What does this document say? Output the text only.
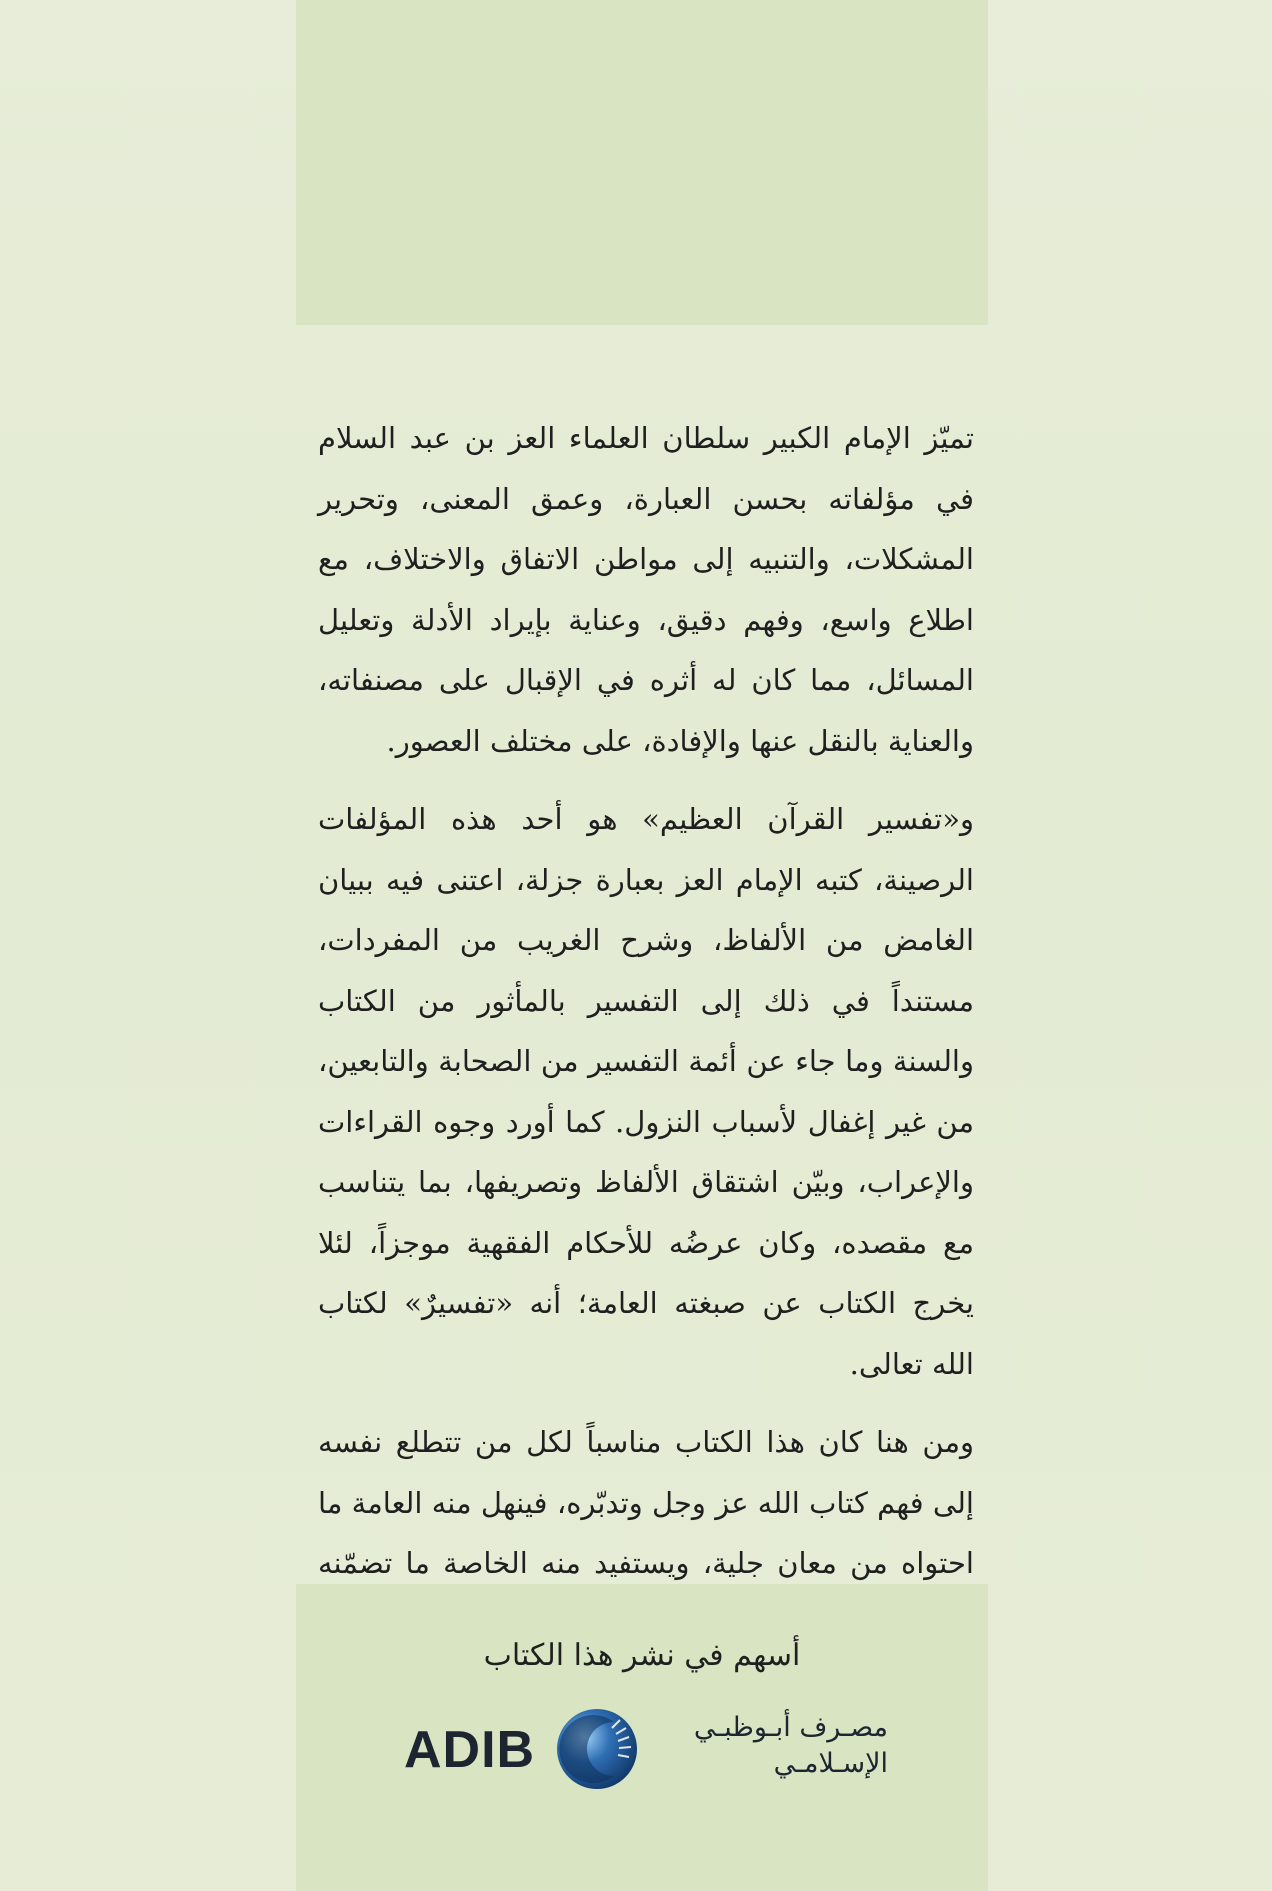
تميّز الإمام الكبير سلطان العلماء العز بن عبد السلام في مؤلفاته بحسن العبارة، وعمق المعنى، وتحرير المشكلات، والتنبيه إلى مواطن الاتفاق والاختلاف، مع اطلاع واسع، وفهم دقيق، وعناية بإيراد الأدلة وتعليل المسائل، مما كان له أثره في الإقبال على مصنفاته، والعناية بالنقل عنها والإفادة، على مختلف العصور.

و«تفسير القرآن العظيم» هو أحد هذه المؤلفات الرصينة، كتبه الإمام العز بعبارة جزلة، اعتنى فيه ببيان الغامض من الألفاظ، وشرح الغريب من المفردات، مستنداً في ذلك إلى التفسير بالمأثور من الكتاب والسنة وما جاء عن أئمة التفسير من الصحابة والتابعين، من غير إغفال لأسباب النزول. كما أورد وجوه القراءات والإعراب، وبيّن اشتقاق الألفاظ وتصريفها، بما يتناسب مع مقصده، وكان عرضُه للأحكام الفقهية موجزاً، لئلا يخرج الكتاب عن صبغته العامة؛ أنه «تفسيرٌ» لكتاب الله تعالى.

ومن هنا كان هذا الكتاب مناسباً لكل من تتطلع نفسه إلى فهم كتاب الله عز وجل وتدبّره، فينهل منه العامة ما احتواه من معان جلية، ويستفيد منه الخاصة ما تضمّنه

أسهم في نشر هذا الكتاب
ADIB	مصـرف أبـوظبـي
الإسـلامـي
